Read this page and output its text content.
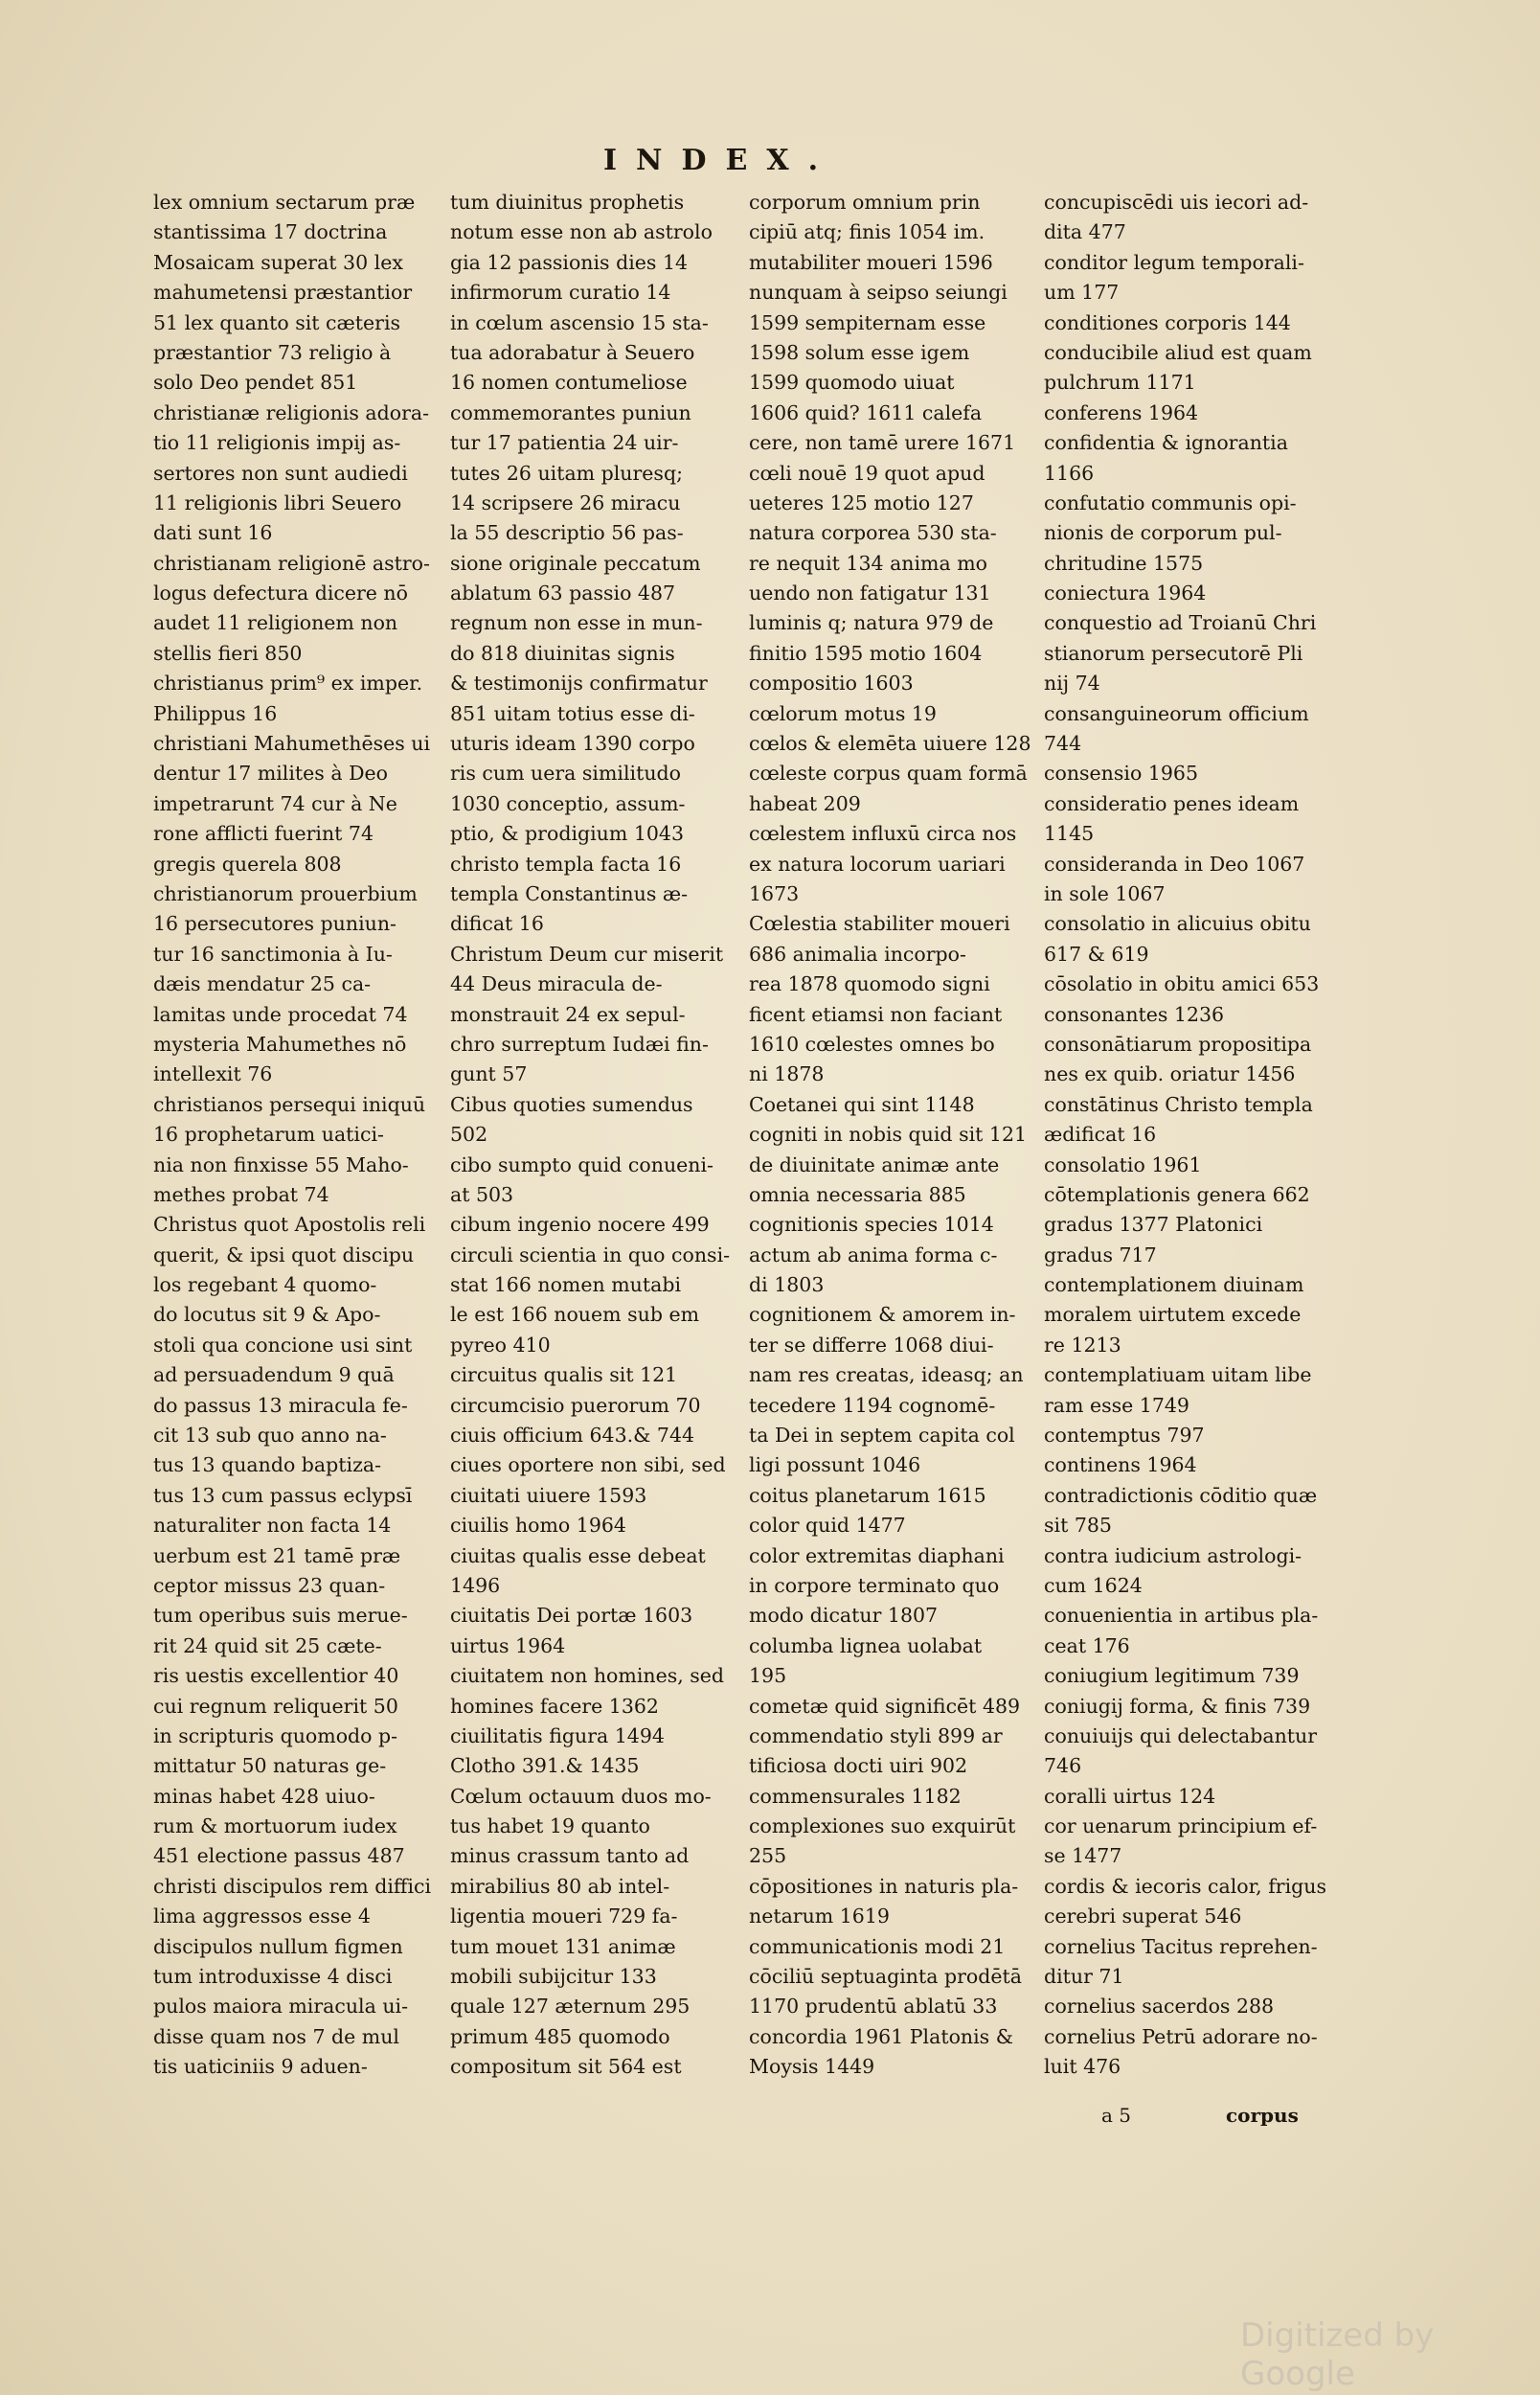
INDEX.
lex omnium sectarum præ
stantissima 17 doctrina
Mosaicam superat 30 lex
mahumetensi præstantior
51 lex quanto sit cæteris
præstantior 73 religio à
solo Deo pendet 851
christianæ religionis adora-
tio 11 religionis impij as-
sertores non sunt audiedi
11 religionis libri Seuero
dati sunt 16
christianam religionē astro-
logus defectura dicere nō
audet 11 religionem non
stellis fieri 850
christianus prim⁹ ex imper.
Philippus 16
christiani Mahumethēses ui
dentur 17 milites à Deo
impetrarunt 74 cur à Ne
rone afflicti fuerint 74
gregis querela 808
christianorum prouerbium
16 persecutores puniun-
tur 16 sanctimonia à Iu-
dæis mendatur 25 ca-
lamitas unde procedat 74
mysteria Mahumethes nō
intellexit 76
christianos persequi iniquū
16 prophetarum uatici-
nia non finxisse 55 Maho-
methes probat 74
Christus quot Apostolis reli
querit, & ipsi quot discipu
los regebant 4 quomo-
do locutus sit 9 & Apo-
stoli qua concione usi sint
ad persuadendum 9 quā
do passus 13 miracula fe-
cit 13 sub quo anno na-
tus 13 quando baptiza-
tus 13 cum passus eclypsī
naturaliter non facta 14
uerbum est 21 tamē præ
ceptor missus 23 quan-
tum operibus suis merue-
rit 24 quid sit 25 cæte-
ris uestis excellentior 40
cui regnum reliquerit 50
in scripturis quomodo p-
mittatur 50 naturas ge-
minas habet 428 uiuo-
rum & mortuorum iudex
451 electione passus 487
christi discipulos rem diffici
lima aggressos esse 4
discipulos nullum figmen
tum introduxisse 4 disci
pulos maiora miracula ui-
disse quam nos 7 de mul
tis uaticiniis 9 aduen-
tum diuinitus prophetis
notum esse non ab astrolo
gia 12 passionis dies 14
infirmorum curatio 14
in cœlum ascensio 15 sta-
tua adorabatur à Seuero
16 nomen contumeliose
commemorantes puniun
tur 17 patientia 24 uir-
tutes 26 uitam pluresq;
14 scripsere 26 miracu
la 55 descriptio 56 pas-
sione originale peccatum
ablatum 63 passio 487
regnum non esse in mun-
do 818 diuinitas signis
& testimonijs confirmatur
851 uitam totius esse di-
uturis ideam 1390 corpo
ris cum uera similitudo
1030 conceptio, assum-
ptio, & prodigium 1043
christo templa facta 16
templa Constantinus æ-
dificat 16
Christum Deum cur miserit
44 Deus miracula de-
monstrauit 24 ex sepul-
chro surreptum Iudæi fin-
gunt 57
Cibus quoties sumendus
502
cibo sumpto quid conueni-
at 503
cibum ingenio nocere 499
circuli scientia in quo consi-
stat 166 nomen mutabi
le est 166 nouem sub em
pyreo 410
circuitus qualis sit 121
circumcisio puerorum 70
ciuis officium 643.& 744
ciues oportere non sibi, sed
ciuitati uiuere 1593
ciuilis homo 1964
ciuitas qualis esse debeat
1496
ciuitatis Dei portæ 1603
uirtus 1964
ciuitatem non homines, sed
homines facere 1362
ciuilitatis figura 1494
Clotho 391.& 1435
Cœlum octauum duos mo-
tus habet 19 quanto
minus crassum tanto ad
mirabilius 80 ab intel-
ligentia moueri 729 fa-
tum mouet 131 animæ
mobili subijcitur 133
quale 127 æternum 295
primum 485 quomodo
compositum sit 564 est
corporum omnium prin
cipiū atq; finis 1054 im.
mutabiliter moueri 1596
nunquam à seipso seiungi
1599 sempiternam esse
1598 solum esse igem
1599 quomodo uiuat
1606 quid? 1611 calefa
cere, non tamē urere 1671
cœli nouē 19 quot apud
ueteres 125 motio 127
natura corporea 530 sta-
re nequit 134 anima mo
uendo non fatigatur 131
luminis q; natura 979 de
finitio 1595 motio 1604
compositio 1603
cœlorum motus 19
cœlos & elemēta uiuere 128
cœleste corpus quam formā
habeat 209
cœlestem influxū circa nos
ex natura locorum uariari
1673
Cœlestia stabiliter moueri
686 animalia incorpo-
rea 1878 quomodo signi
ficent etiamsi non faciant
1610 cœlestes omnes bo
ni 1878
Coetanei qui sint 1148
cogniti in nobis quid sit 121
de diuinitate animæ ante
omnia necessaria 885
cognitionis species 1014
actum ab anima forma c-
di 1803
cognitionem & amorem in-
ter se differre 1068 diui-
nam res creatas, ideasq; an
tecedere 1194 cognomē-
ta Dei in septem capita col
ligi possunt 1046
coitus planetarum 1615
color quid 1477
color extremitas diaphani
in corpore terminato quo
modo dicatur 1807
columba lignea uolabat
195
cometæ quid significēt 489
commendatio styli 899 ar
tificiosa docti uiri 902
commensurales 1182
complexiones suo exquirūt
255
cōpositiones in naturis pla-
netarum 1619
communicationis modi 21
cōciliū septuaginta prodētā
1170 prudentū ablatū 33
concordia 1961 Platonis &
Moysis 1449
concupiscēdi uis iecori ad-
dita 477
conditor legum temporali-
um 177
conditiones corporis 144
conducibile aliud est quam
pulchrum 1171
conferens 1964
confidentia & ignorantia
1166
confutatio communis opi-
nionis de corporum pul-
chritudine 1575
coniectura 1964
conquestio ad Troianū Chri
stianorum persecutorē Pli
nij 74
consanguineorum officium
744
consensio 1965
consideratio penes ideam
1145
consideranda in Deo 1067
in sole 1067
consolatio in alicuius obitu
617 & 619
cōsolatio in obitu amici 653
consonantes 1236
consonātiarum propositipa
nes ex quib. oriatur 1456
constātinus Christo templa
ædificat 16
consolatio 1961
cōtemplationis genera 662
gradus 1377 Platonici
gradus 717
contemplationem diuinam
moralem uirtutem excede
re 1213
contemplatiuam uitam libe
ram esse 1749
contemptus 797
continens 1964
contradictionis cōditio quæ
sit 785
contra iudicium astrologi-
cum 1624
conuenientia in artibus pla-
ceat 176
coniugium legitimum 739
coniugij forma, & finis 739
conuiuijs qui delectabantur
746
coralli uirtus 124
cor uenarum principium ef-
se 1477
cordis & iecoris calor, frigus
cerebri superat 546
cornelius Tacitus reprehen-
ditur 71
cornelius sacerdos 288
cornelius Petrū adorare no-
luit 476
a 5	corpus
Digitized by Google
